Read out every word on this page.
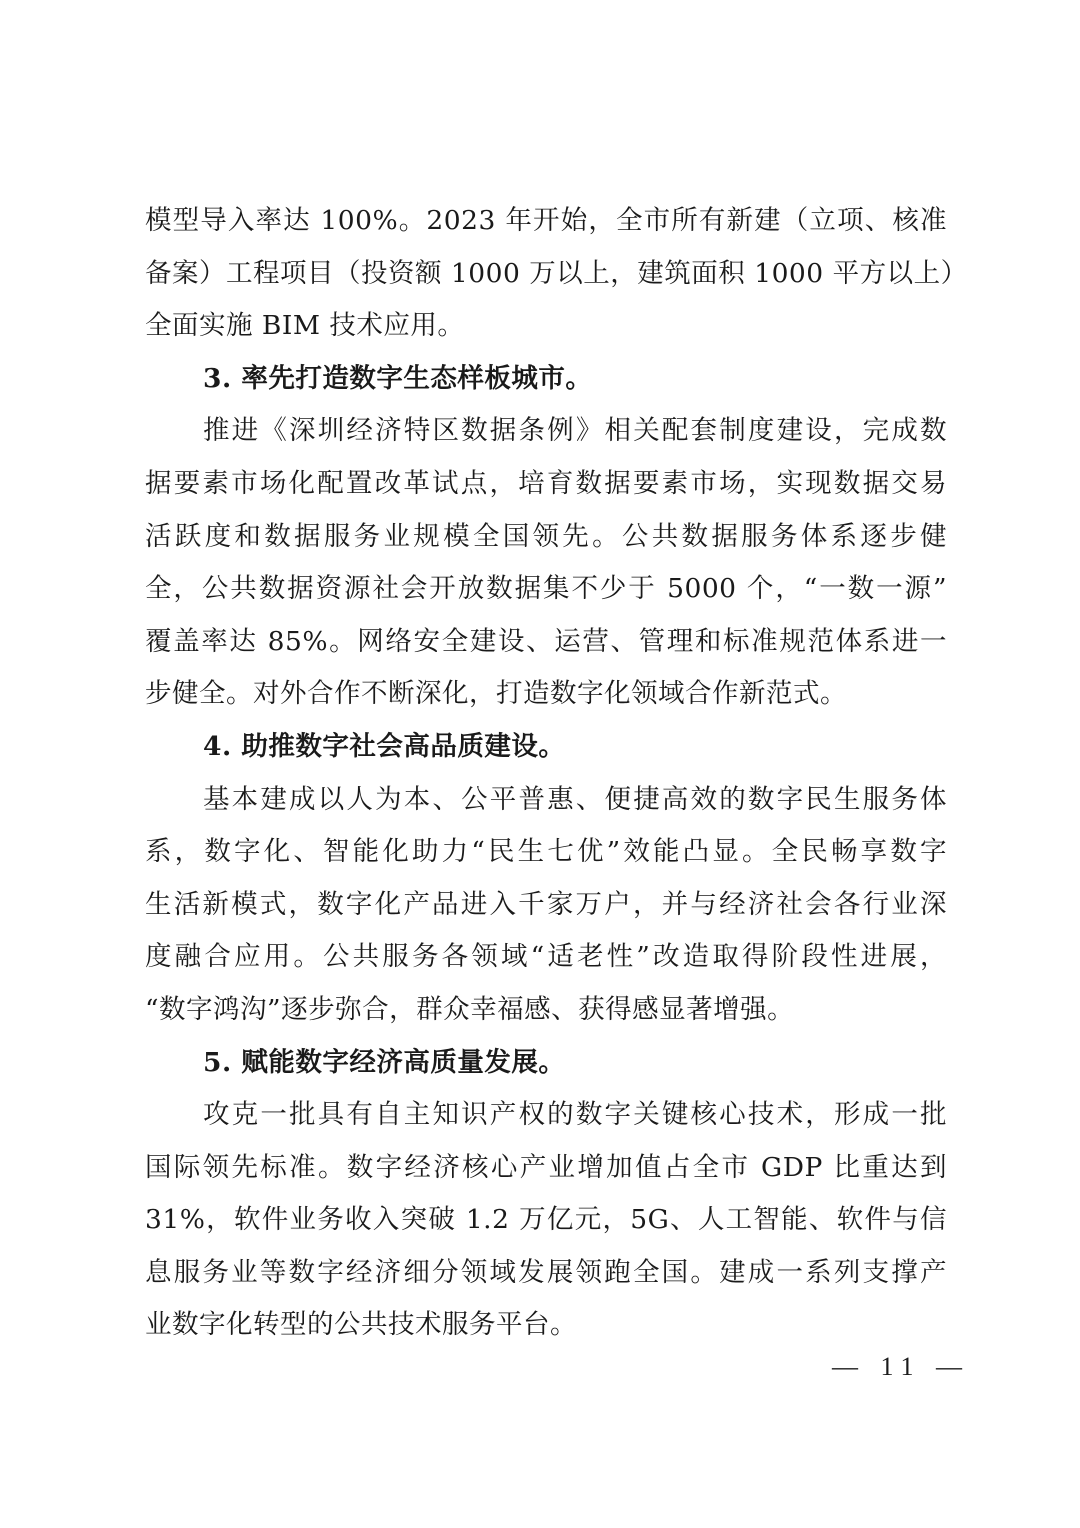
模型导入率达 100%。2023 年开始，全市所有新建（立项、核准
备案）工程项目（投资额 1000 万以上，建筑面积 1000 平方以上）
全面实施 BIM 技术应用。
3. 率先打造数字生态样板城市。
推进《深圳经济特区数据条例》相关配套制度建设，完成数
据要素市场化配置改革试点，培育数据要素市场，实现数据交易
活跃度和数据服务业规模全国领先。公共数据服务体系逐步健
全，公共数据资源社会开放数据集不少于 5000 个，“一数一源”
覆盖率达 85%。网络安全建设、运营、管理和标准规范体系进一
步健全。对外合作不断深化，打造数字化领域合作新范式。
4. 助推数字社会高品质建设。
基本建成以人为本、公平普惠、便捷高效的数字民生服务体
系，数字化、智能化助力“民生七优”效能凸显。全民畅享数字
生活新模式，数字化产品进入千家万户，并与经济社会各行业深
度融合应用。公共服务各领域“适老性”改造取得阶段性进展，
“数字鸿沟”逐步弥合，群众幸福感、获得感显著增强。
5. 赋能数字经济高质量发展。
攻克一批具有自主知识产权的数字关键核心技术，形成一批
国际领先标准。数字经济核心产业增加值占全市 GDP 比重达到
31%，软件业务收入突破 1.2 万亿元，5G、人工智能、软件与信
息服务业等数字经济细分领域发展领跑全国。建成一系列支撑产
业数字化转型的公共技术服务平台。
— 11 —
